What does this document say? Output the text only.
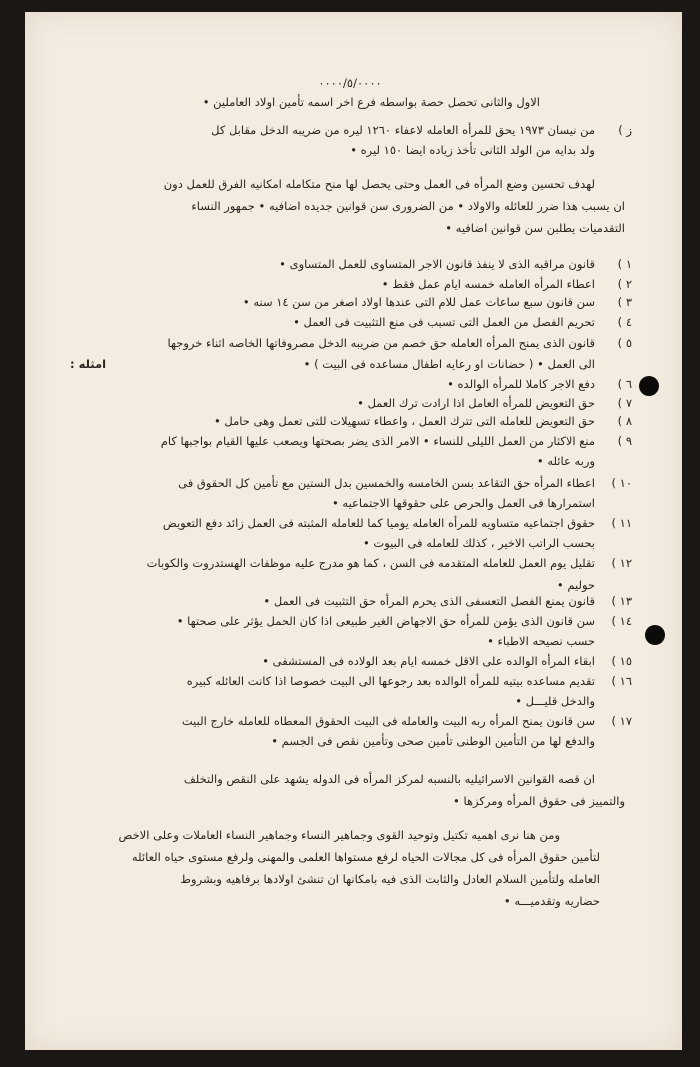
٠٠٠٠/٥/٠٠٠٠
الاول والثانى تحصل حصة بواسطه فرع اخر اسمه تأمين اولاد العاملين •
ز )
من نيسان ١٩٧٣ يحق للمرأه العامله لاعفاء ١٢٦٠ ليره من ضريبه الدخل مقابل كل
ولد بدايه من الولد الثانى تأخذ زياده ايضا ١٥٠ ليره •
لهدف تحسين وضع المرأه فى العمل وحتى يحصل لها منح متكامله امكانيه الفرق للعمل دون
ان يسبب هذا ضرر للعائله والاولاد • من الضرورى سن قوانين جديده اضافيه • جمهور النساء
التقدميات يطلبن سن قوانين اضافيه •
١ )
قانون مراقبه الذى لا ينفذ قانون الاجر المتساوى للعمل المتساوى •
٢ )
اعطاء المرأه العامله خمسه ايام عمل فقط •
٣ )
سن قانون سبع ساعات عمل للام التى عندها اولاد اصغر من سن ١٤ سنه •
٤ )
تحريم الفصل من العمل التى تسبب فى منع التثبيت فى العمل •
٥ )
قانون الذى يمنح المرأه العامله حق خصم من ضريبه الدخل مصروفاتها الخاصه اثناء خروجها
الى العمل • ( حضانات او رعايه اطفال مساعده فى البيت ) •
امثله :
٦ )
دفع الاجر كاملا للمرأه الوالده •
٧ )
حق التعويض للمرأه العامل اذا ارادت ترك العمل •
٨ )
حق التعويض للعامله التى تترك العمل ، واعطاء تسهيلات للتى تعمل وهى حامل •
٩ )
منع الاكثار من العمل الليلى للنساء • الامر الذى يضر بصحتها ويصعب عليها القيام بواجبها كام
وربه عائله •
١٠ )
اعطاء المرأه حق التقاعد بسن الخامسه والخمسين بدل الستين مع تأمين كل الحقوق فى
استمرارها فى العمل والحرص على حقوقها الاجتماعيه •
١١ )
حقوق اجتماعيه متساويه للمرأه العامله يوميا كما للعامله المثبته فى العمل زائد دفع التعويض
بحسب الراتب الاخير ، كذلك للعامله فى البيوت •
١٢ )
تقليل يوم العمل للعامله المتقدمه فى السن ، كما هو مدرج عليه موظفات الهستدروت والكوبات
حوليم •
١٣ )
قانون يمنع الفصل التعسفى الذى يحرم المرأه حق التثبيت فى العمل •
١٤ )
سن قانون الذى يؤمن للمرأه حق الاجهاض الغير طبيعى اذا كان الحمل يؤثر على صحتها •
حسب نصيحه الاطباء •
١٥ )
ابقاء المرأه الوالده على الاقل خمسه ايام بعد الولاده فى المستشفى •
١٦ )
تقديم مساعده بيتيه للمرأه الوالده بعد رجوعها الى البيت خصوصا اذا كانت العائله كبيره
والدخل قليـــل •
١٧ )
سن قانون يمنح المرأه ربه البيت والعامله فى البيت الحقوق المعطاه للعامله خارج البيت
والدفع لها من التأمين الوطنى تأمين صحى وتأمين نقص فى الجسم •
ان قصه القوانين الاسرائيليه بالنسبه لمركز المرأه فى الدوله يشهد على النقص والتخلف
والتمييز فى حقوق المرأه ومركزها •
ومن هنا نرى اهميه تكتيل وتوحيد القوى وجماهير النساء وجماهير النساء العاملات وعلى الاخص
لتأمين حقوق المرأه فى كل مجالات الحياه لرفع مستواها العلمى والمهنى ولرفع مستوى حياه العائله
العامله ولتأمين السلام العادل والثابت الذى فيه بامكانها ان تنشئ اولادها برفاهيه وبشروط
حضاريه وتقدميـــه •
